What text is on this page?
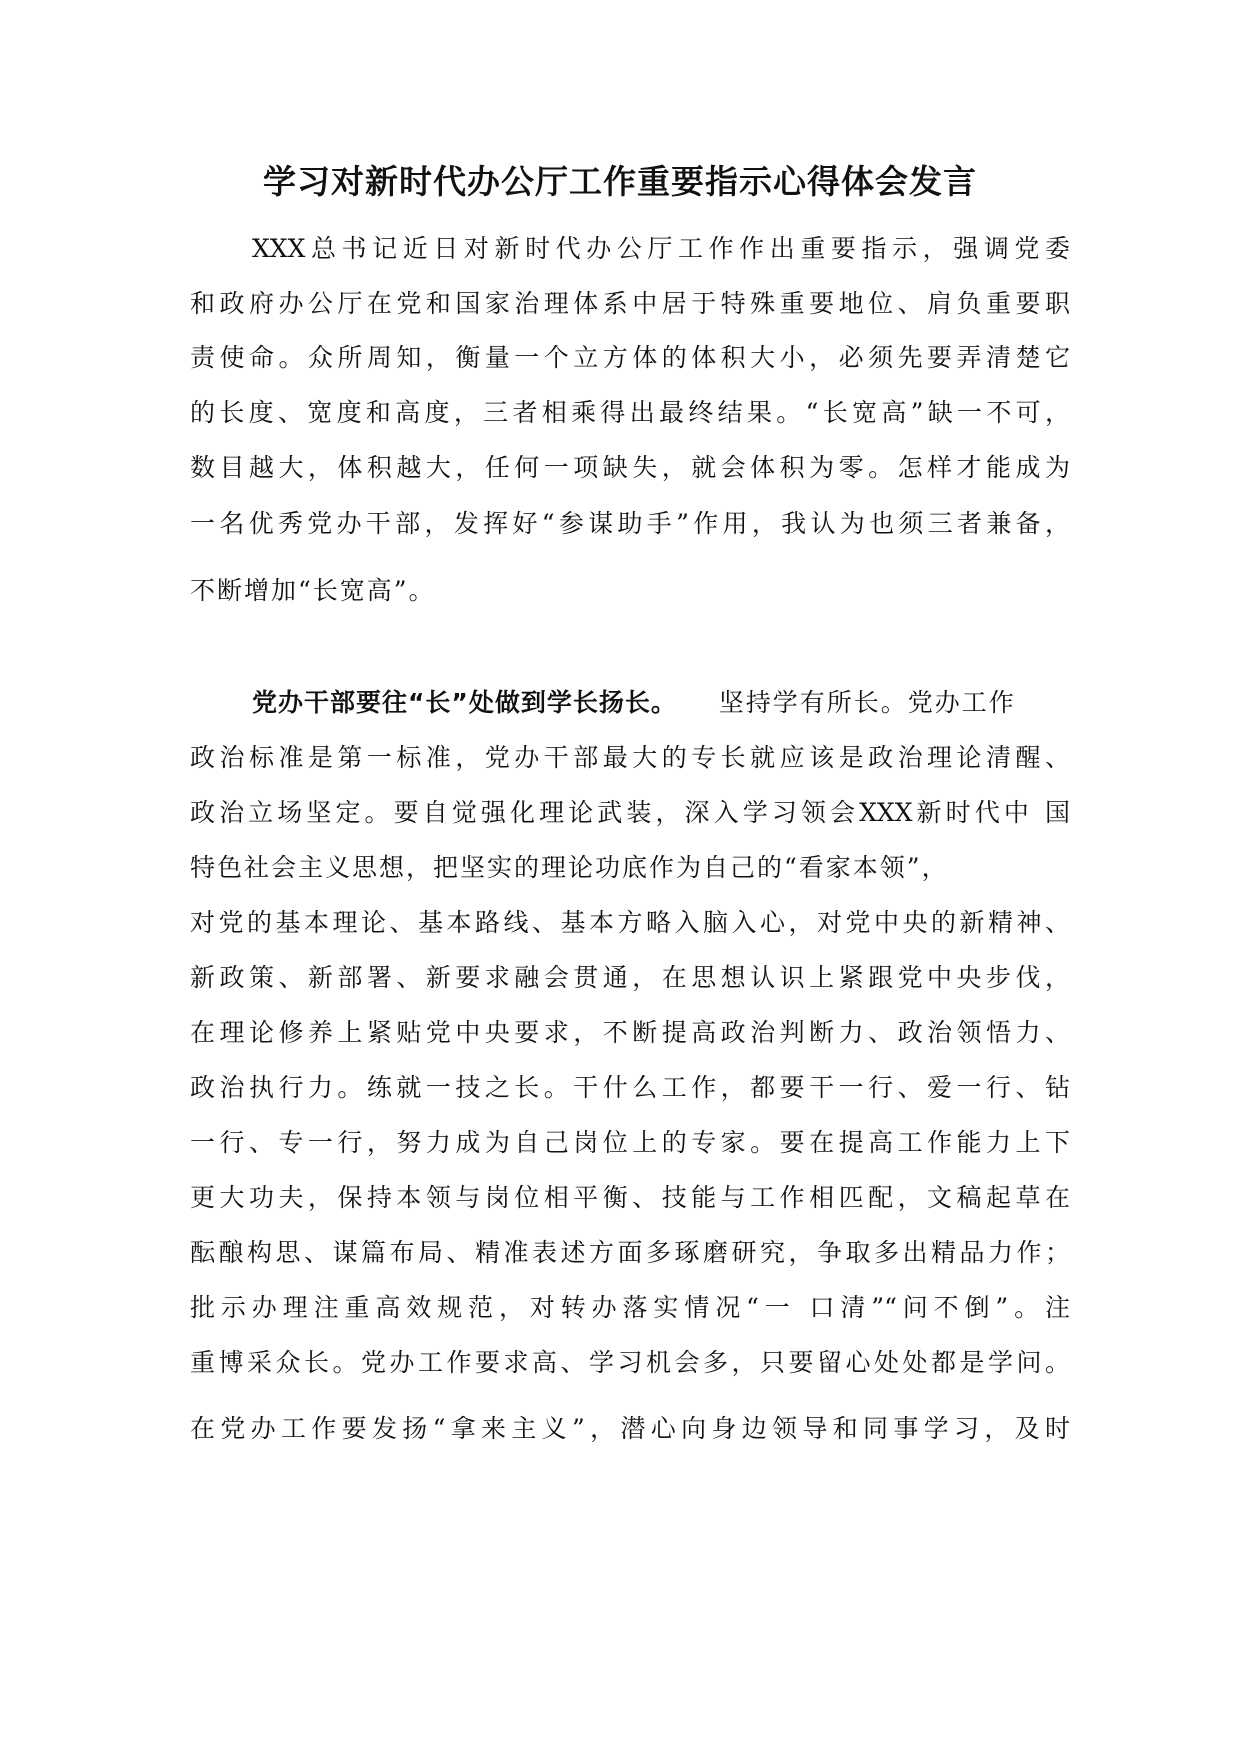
学习对新时代办公厅工作重要指示心得体会发言
XXX总书记近日对新时代办公厅工作作出重要指示，强调党委
和政府办公厅在党和国家治理体系中居于特殊重要地位、肩负重要职
责使命。众所周知，衡量一个立方体的体积大小，必须先要弄清楚它
的长度、宽度和高度，三者相乘得出最终结果。“长宽高”缺一不可，
数目越大，体积越大，任何一项缺失，就会体积为零。怎样才能成为
一名优秀党办干部，发挥好“参谋助手”作用，我认为也须三者兼备，
不断增加“长宽高”。
党办干部要往“长”处做到学长扬长。 坚持学有所长。党办工作
政治标准是第一标准，党办干部最大的专长就应该是政治理论清醒、
政治立场坚定。要自觉强化理论武装，深入学习领会XXX新时代中 国
特色社会主义思想，把坚实的理论功底作为自己的“看家本领”，
对党的基本理论、基本路线、基本方略入脑入心，对党中央的新精神、
新政策、新部署、新要求融会贯通，在思想认识上紧跟党中央步伐，
在理论修养上紧贴党中央要求，不断提高政治判断力、政治领悟力、
政治执行力。练就一技之长。干什么工作，都要干一行、爱一行、钻
一行、专一行，努力成为自己岗位上的专家。要在提高工作能力上下
更大功夫，保持本领与岗位相平衡、技能与工作相匹配，文稿起草在
酝酿构思、谋篇布局、精准表述方面多琢磨研究，争取多出精品力作；
批示办理注重高效规范，对转办落实情况“一 口清”“问不倒”。注
重博采众长。党办工作要求高、学习机会多，只要留心处处都是学问。
在党办工作要发扬“拿来主义”，潜心向身边领导和同事学习，及时
